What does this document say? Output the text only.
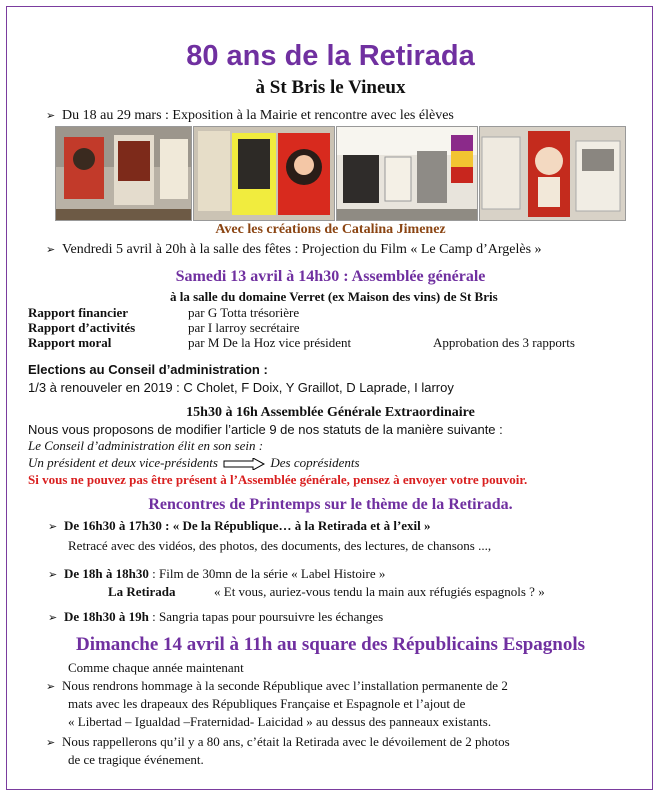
80 ans de la Retirada
à St Bris le Vineux
➢ Du 18 au 29 mars : Exposition à la Mairie et rencontre avec les élèves
Avec les créations de Catalina Jimenez
➢ Vendredi 5 avril à 20h à la salle des fêtes : Projection du Film « Le Camp d’Argelès »
Samedi 13 avril à 14h30 : Assemblée générale
à la salle du domaine Verret (ex Maison des vins) de St Bris
Rapport financier	par G Totta trésorière
Rapport d’activités	par I larroy secrétaire
Rapport moral	par M De la Hoz vice président	Approbation des 3 rapports
Elections au Conseil d’administration :
1/3 à renouveler en 2019 : C Cholet, F Doix, Y Graillot, D Laprade, I larroy
15h30 à 16h Assemblée Générale Extraordinaire
Nous vous proposons de modifier l’article 9 de nos statuts de la manière suivante :
Le Conseil d’administration élit en son sein :
Un président et deux vice-présidents	Des coprésidents
Si vous ne pouvez pas être présent à l’Assemblée générale, pensez à envoyer votre pouvoir.
Rencontres de Printemps sur le thème de la Retirada.
➢ De 16h30 à 17h30 : « De la République… à la Retirada et à l’exil »
Retracé avec des vidéos, des photos, des documents, des lectures, de chansons ...,
➢ De 18h à 18h30 : Film de 30mn de la série « Label Histoire »
La Retirada	« Et vous, auriez-vous tendu la main aux réfugiés espagnols ? »
➢ De 18h30 à 19h : Sangria tapas pour poursuivre les échanges
Dimanche 14 avril à 11h au square des Républicains Espagnols
Comme chaque année maintenant
➢ Nous rendrons hommage à la seconde République avec l’installation permanente de 2
mats avec les drapeaux des Républiques Française et Espagnole et l’ajout de
« Libertad – Igualdad –Fraternidad- Laicidad » au dessus des panneaux existants.
➢ Nous rappellerons qu’il y a 80 ans, c’était la Retirada avec le dévoilement de 2 photos
de ce tragique événement.
